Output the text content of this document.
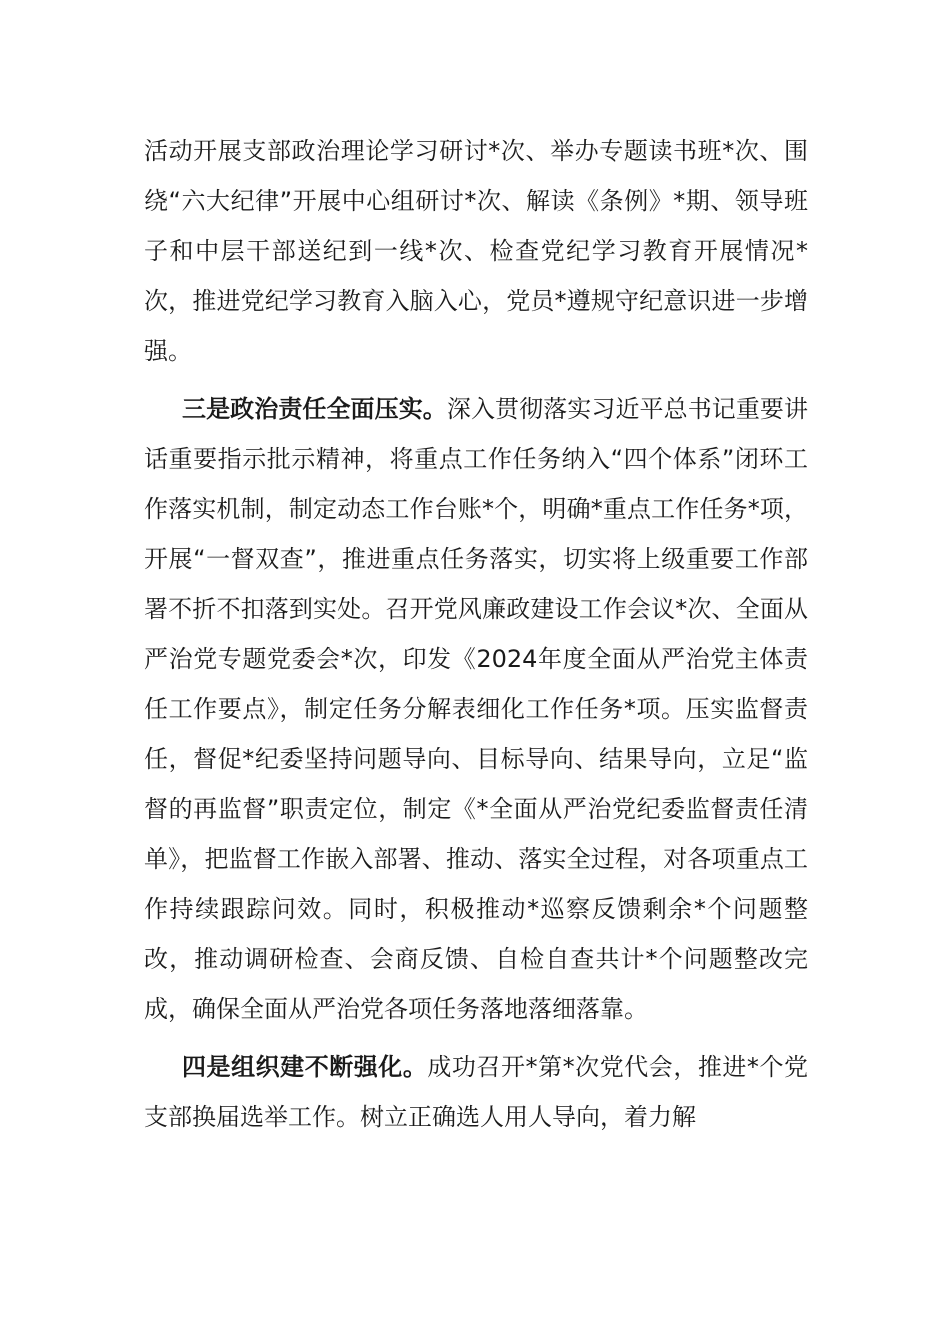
活动开展支部政治理论学习研讨*次、举办专题读书班*次、围绕“六大纪律”开展中心组研讨*次、解读《条例》*期、领导班子和中层干部送纪到一线*次、检查党纪学习教育开展情况*次，推进党纪学习教育入脑入心，党员*遵规守纪意识进一步增强。

三是政治责任全面压实。深入贯彻落实习近平总书记重要讲话重要指示批示精神，将重点工作任务纳入“四个体系”闭环工作落实机制，制定动态工作台账*个，明确*重点工作任务*项，开展“一督双查”，推进重点任务落实，切实将上级重要工作部署不折不扣落到实处。召开党风廉政建设工作会议*次、全面从严治党专题党委会*次，印发《2024年度全面从严治党主体责任工作要点》，制定任务分解表细化工作任务*项。压实监督责任，督促*纪委坚持问题导向、目标导向、结果导向，立足“监督的再监督”职责定位，制定《*全面从严治党纪委监督责任清单》，把监督工作嵌入部署、推动、落实全过程，对各项重点工作持续跟踪问效。同时，积极推动*巡察反馈剩余*个问题整改，推动调研检查、会商反馈、自检自查共计*个问题整改完成，确保全面从严治党各项任务落地落细落靠。

四是组织建不断强化。成功召开*第*次党代会，推进*个党支部换届选举工作。树立正确选人用人导向，着力解
